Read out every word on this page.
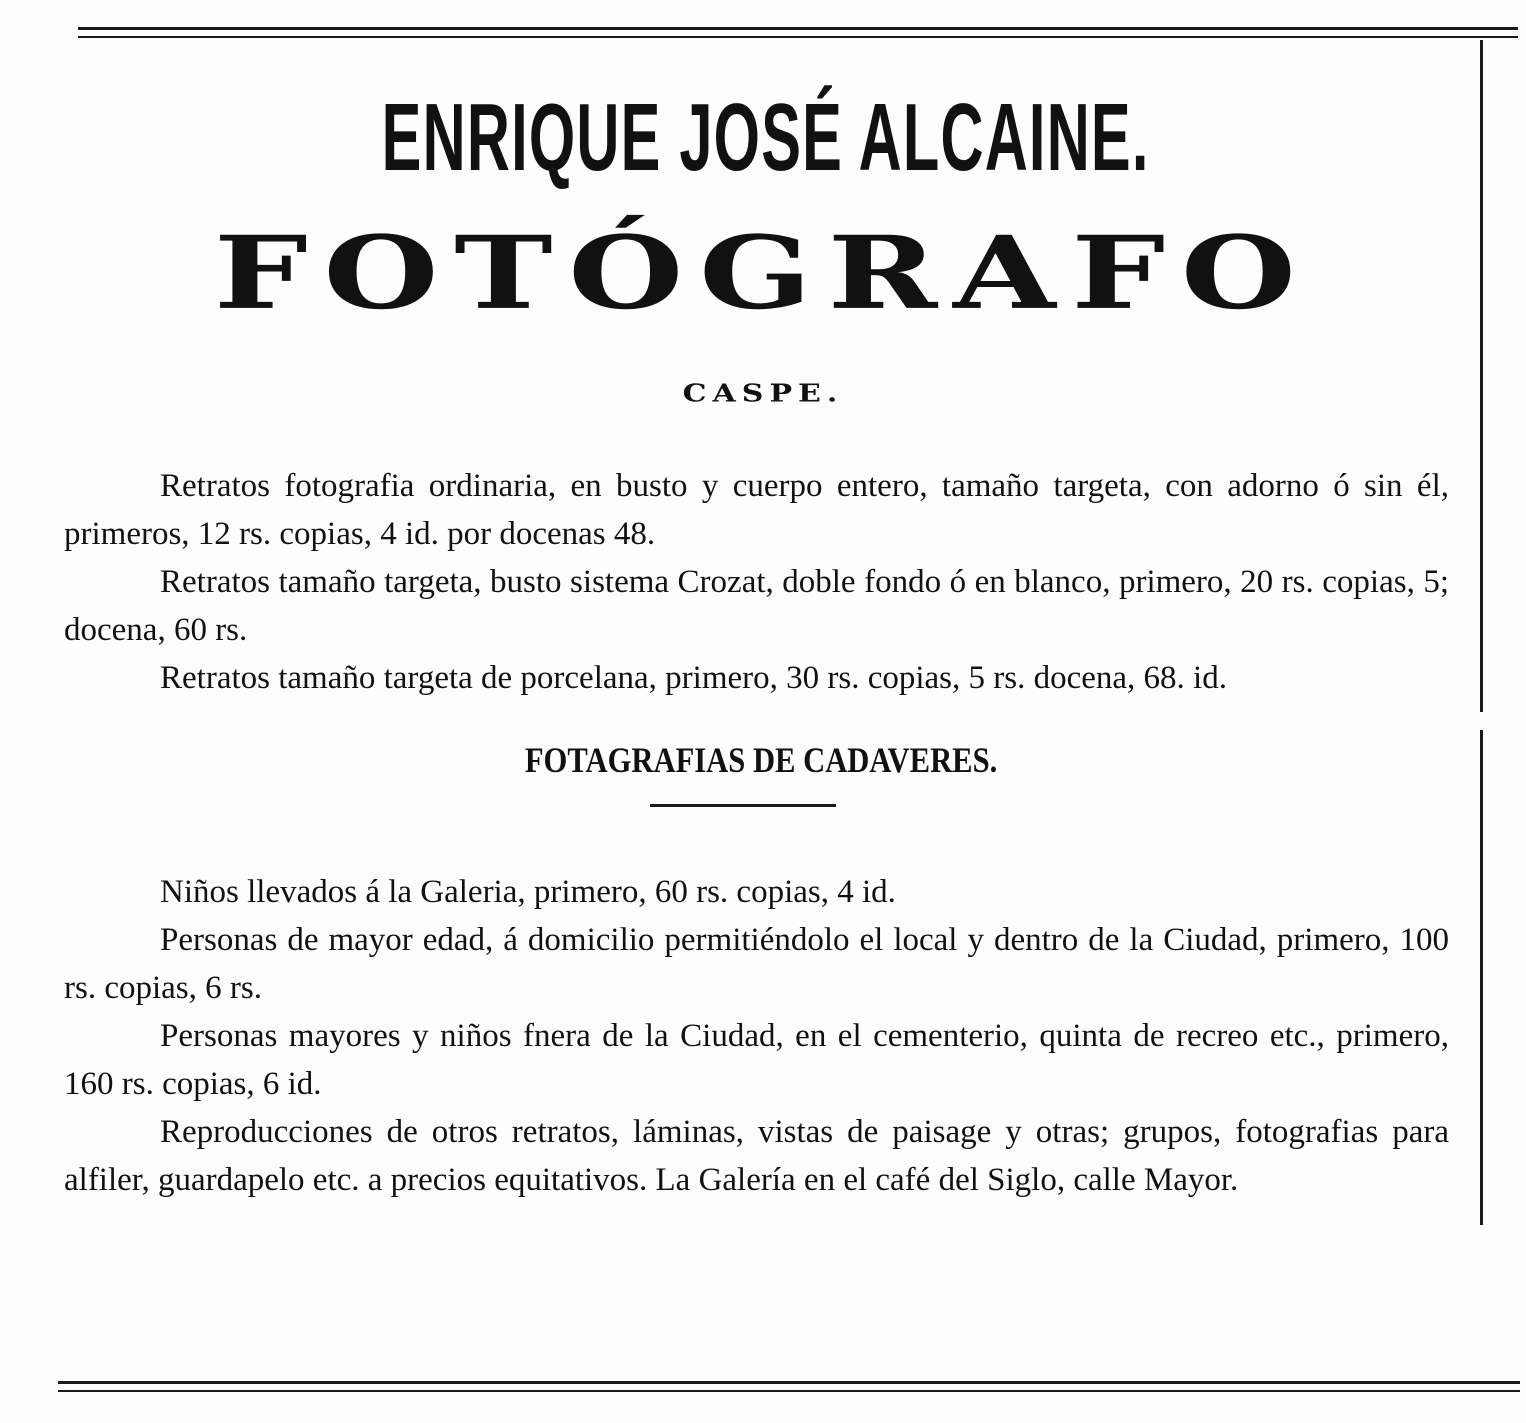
ENRIQUE JOSÉ ALCAINE.
FOTÓGRAFO
CASPE.

Retratos fotografia ordinaria, en busto y cuerpo entero, tamaño targeta, con adorno ó sin él, primeros, 12 rs. copias, 4 id. por docenas 48.

Retratos tamaño targeta, busto sistema Crozat, doble fondo ó en blanco, primero, 20 rs. copias, 5; docena, 60 rs.

Retratos tamaño targeta de porcelana, primero, 30 rs. copias, 5 rs. docena, 68. id.

FOTAGRAFIAS DE CADAVERES.

Niños llevados á la Galeria, primero, 60 rs. copias, 4 id.

Personas de mayor edad, á domicilio permitiéndolo el local y dentro de la Ciudad, primero, 100 rs. copias, 6 rs.

Personas mayores y niños fnera de la Ciudad, en el cementerio, quinta de recreo etc., primero, 160 rs. copias, 6 id.

Reproducciones de otros retratos, láminas, vistas de paisage y otras; grupos, fotografias para alfiler, guardapelo etc. a precios equitativos. La Galería en el café del Siglo, calle Mayor.
